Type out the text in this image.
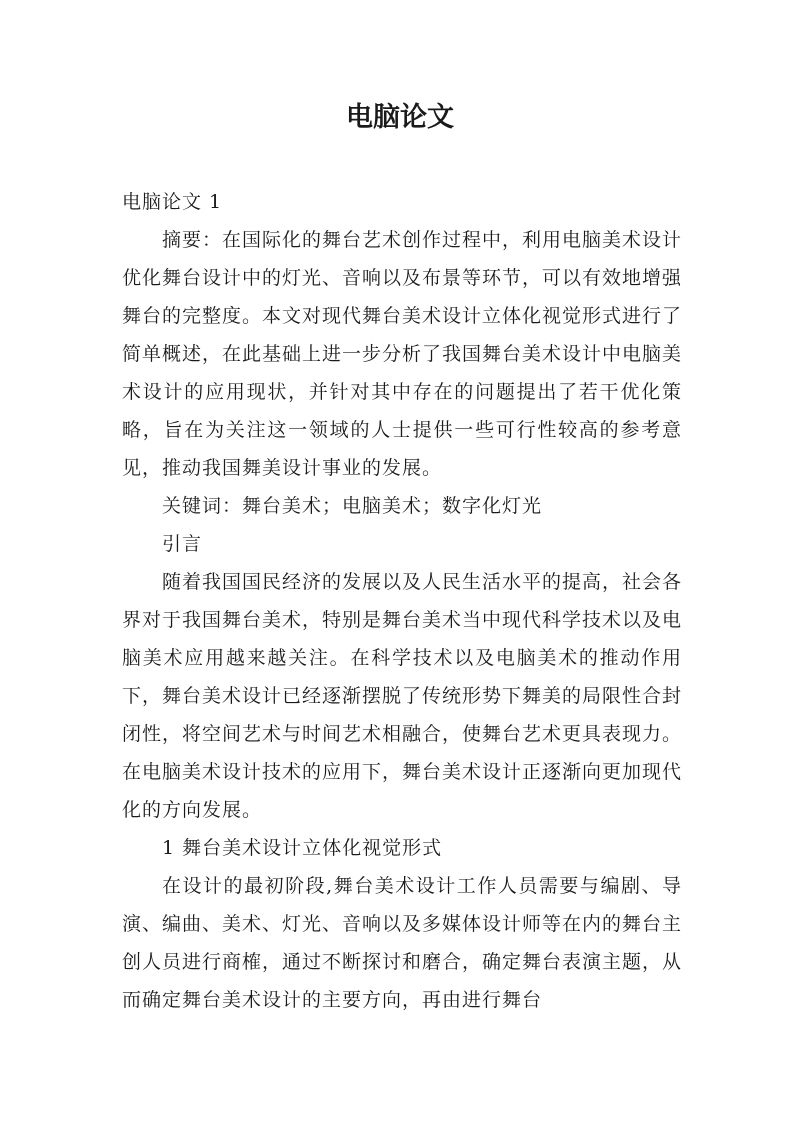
电脑论文

电脑论文 1

摘要：在国际化的舞台艺术创作过程中，利用电脑美术设计优化舞台设计中的灯光、音响以及布景等环节，可以有效地增强舞台的完整度。本文对现代舞台美术设计立体化视觉形式进行了简单概述，在此基础上进一步分析了我国舞台美术设计中电脑美术设计的应用现状，并针对其中存在的问题提出了若干优化策略，旨在为关注这一领域的人士提供一些可行性较高的参考意见，推动我国舞美设计事业的发展。

关键词：舞台美术；电脑美术；数字化灯光

引言

随着我国国民经济的发展以及人民生活水平的提高，社会各界对于我国舞台美术，特别是舞台美术当中现代科学技术以及电脑美术应用越来越关注。在科学技术以及电脑美术的推动作用下，舞台美术设计已经逐渐摆脱了传统形势下舞美的局限性合封闭性，将空间艺术与时间艺术相融合，使舞台艺术更具表现力。在电脑美术设计技术的应用下，舞台美术设计正逐渐向更加现代化的方向发展。

1 舞台美术设计立体化视觉形式

在设计的最初阶段,舞台美术设计工作人员需要与编剧、导演、编曲、美术、灯光、音响以及多媒体设计师等在内的舞台主创人员进行商榷，通过不断探讨和磨合，确定舞台表演主题，从而确定舞台美术设计的主要方向，再由进行舞台
